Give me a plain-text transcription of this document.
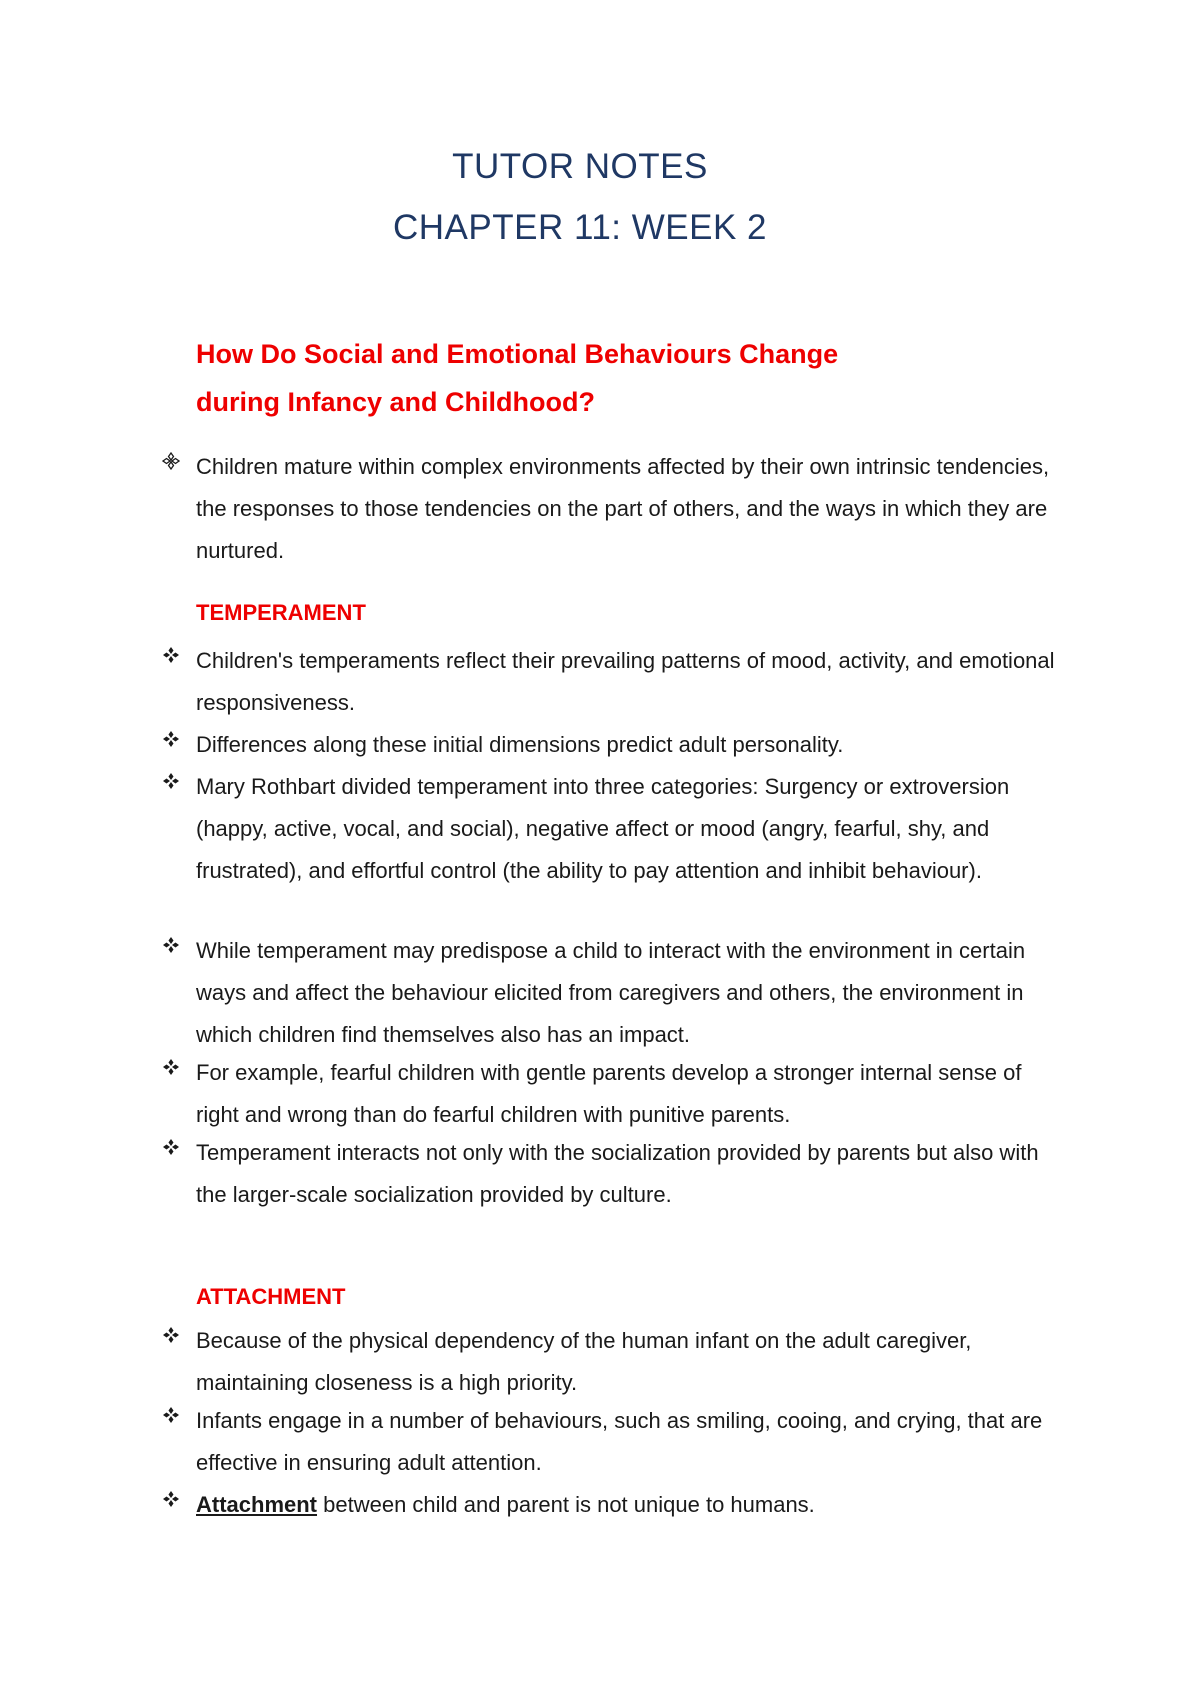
TUTOR NOTES
CHAPTER 11: WEEK 2
How Do Social and Emotional Behaviours Change
during Infancy and Childhood?
Children mature within complex environments affected by their own intrinsic tendencies, the responses to those tendencies on the part of others, and the ways in which they are nurtured.
TEMPERAMENT
Children's temperaments reflect their prevailing patterns of mood, activity, and emotional responsiveness.
Differences along these initial dimensions predict adult personality.
Mary Rothbart divided temperament into three categories: Surgency or extroversion (happy, active, vocal, and social), negative affect or mood (angry, fearful, shy, and frustrated), and effortful control (the ability to pay attention and inhibit behaviour).
While temperament may predispose a child to interact with the environment in certain ways and affect the behaviour elicited from caregivers and others, the environment in which children find themselves also has an impact.
For example, fearful children with gentle parents develop a stronger internal sense of right and wrong than do fearful children with punitive parents.
Temperament interacts not only with the socialization provided by parents but also with the larger-scale socialization provided by culture.
ATTACHMENT
Because of the physical dependency of the human infant on the adult caregiver, maintaining closeness is a high priority.
Infants engage in a number of behaviours, such as smiling, cooing, and crying, that are effective in ensuring adult attention.
Attachment between child and parent is not unique to humans.
